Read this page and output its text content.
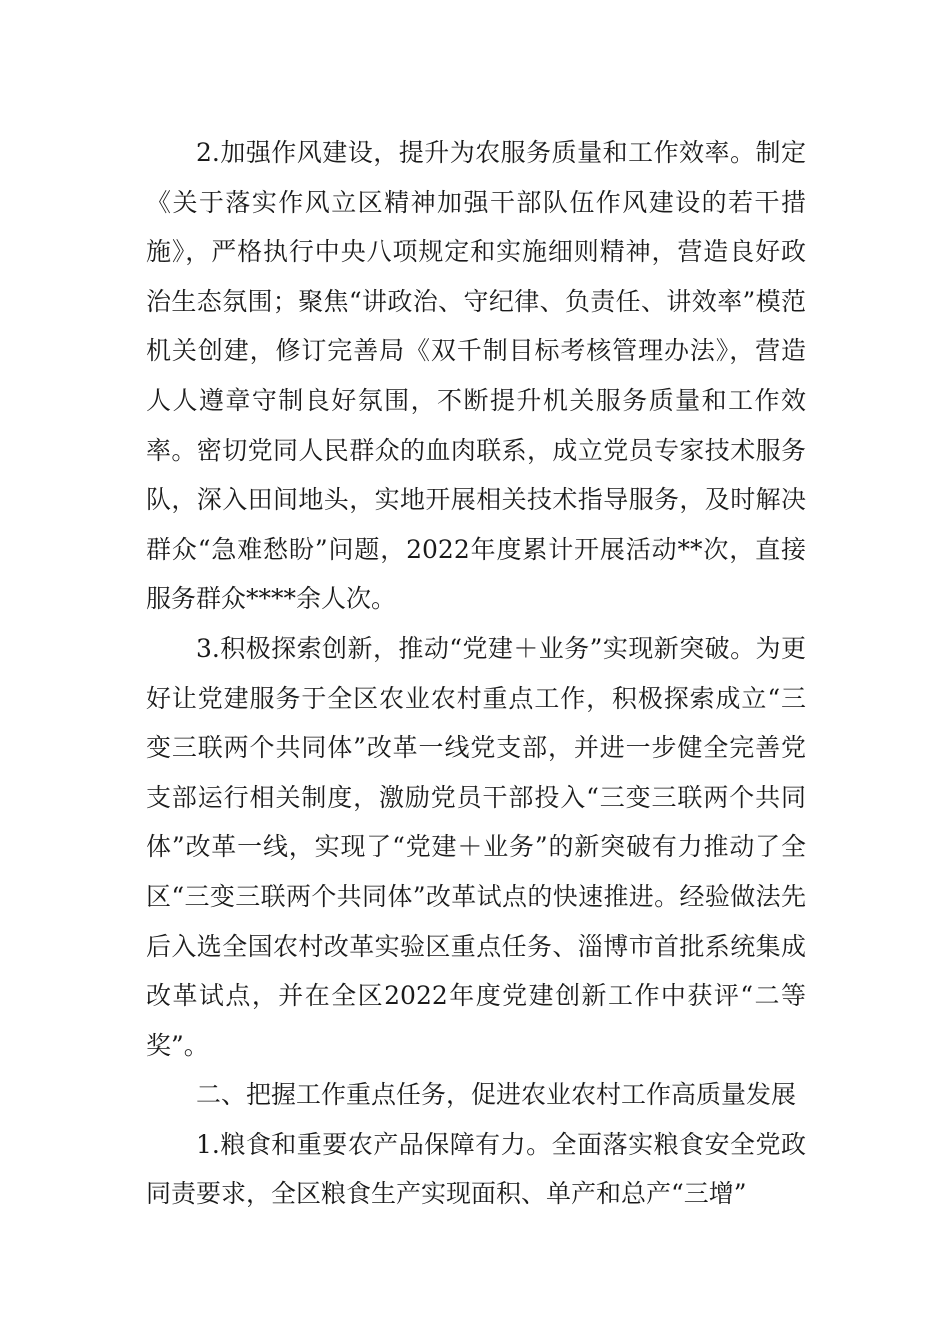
2.加强作风建设，提升为农服务质量和工作效率。制定《关于落实作风立区精神加强干部队伍作风建设的若干措施》，严格执行中央八项规定和实施细则精神，营造良好政治生态氛围；聚焦“讲政治、守纪律、负责任、讲效率”模范机关创建，修订完善局《双千制目标考核管理办法》，营造人人遵章守制良好氛围，不断提升机关服务质量和工作效率。密切党同人民群众的血肉联系，成立党员专家技术服务队，深入田间地头，实地开展相关技术指导服务，及时解决群众“急难愁盼”问题，2022年度累计开展活动**次，直接服务群众****余人次。

3.积极探索创新，推动“党建＋业务”实现新突破。为更好让党建服务于全区农业农村重点工作，积极探索成立“三变三联两个共同体”改革一线党支部，并进一步健全完善党支部运行相关制度，激励党员干部投入“三变三联两个共同体”改革一线，实现了“党建＋业务”的新突破有力推动了全区“三变三联两个共同体”改革试点的快速推进。经验做法先后入选全国农村改革实验区重点任务、淄博市首批系统集成改革试点，并在全区2022年度党建创新工作中获评“二等奖”。

二、把握工作重点任务，促进农业农村工作高质量发展

1.粮食和重要农产品保障有力。全面落实粮食安全党政同责要求，全区粮食生产实现面积、单产和总产“三增”
